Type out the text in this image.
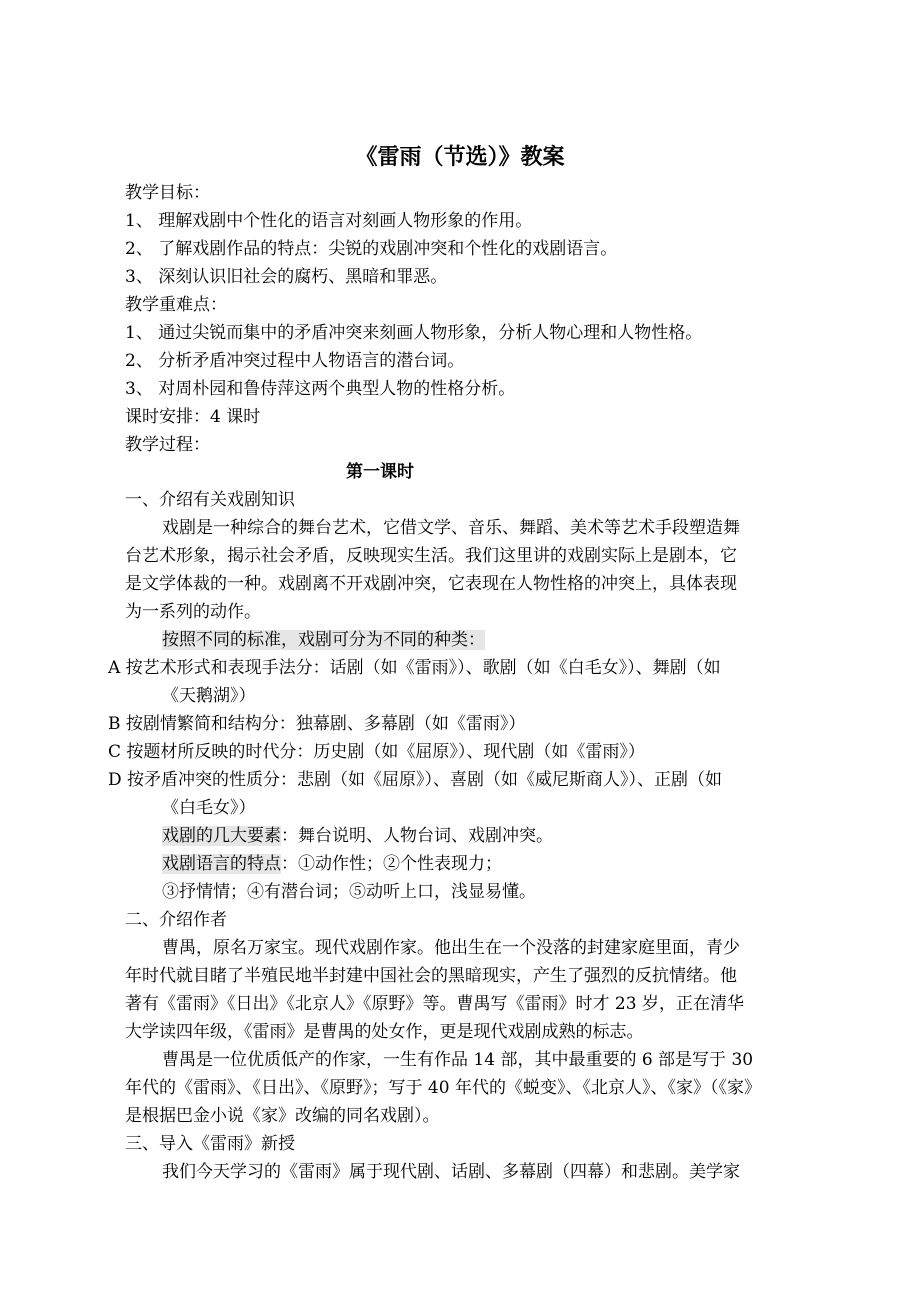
《雷雨（节选）》教案
教学目标：
1、 理解戏剧中个性化的语言对刻画人物形象的作用。
2、 了解戏剧作品的特点：尖锐的戏剧冲突和个性化的戏剧语言。
3、 深刻认识旧社会的腐朽、黑暗和罪恶。
教学重难点：
1、 通过尖锐而集中的矛盾冲突来刻画人物形象，分析人物心理和人物性格。
2、 分析矛盾冲突过程中人物语言的潜台词。
3、 对周朴园和鲁侍萍这两个典型人物的性格分析。
课时安排：4 课时
教学过程：
第一课时
一、介绍有关戏剧知识
戏剧是一种综合的舞台艺术，它借文学、音乐、舞蹈、美术等艺术手段塑造舞
台艺术形象，揭示社会矛盾，反映现实生活。我们这里讲的戏剧实际上是剧本，它
是文学体裁的一种。戏剧离不开戏剧冲突，它表现在人物性格的冲突上，具体表现
为一系列的动作。
按照不同的标准，戏剧可分为不同的种类：
A 按艺术形式和表现手法分：话剧（如《雷雨》）、歌剧（如《白毛女》）、舞剧（如
《天鹅湖》）
B 按剧情繁简和结构分：独幕剧、多幕剧（如《雷雨》）
C 按题材所反映的时代分：历史剧（如《屈原》）、现代剧（如《雷雨》）
D 按矛盾冲突的性质分：悲剧（如《屈原》）、喜剧（如《威尼斯商人》）、正剧（如
《白毛女》）
戏剧的几大要素：舞台说明、人物台词、戏剧冲突。
戏剧语言的特点：①动作性；②个性表现力；
③抒情情；④有潜台词；⑤动听上口，浅显易懂。
二、介绍作者
曹禺，原名万家宝。现代戏剧作家。他出生在一个没落的封建家庭里面，青少
年时代就目睹了半殖民地半封建中国社会的黑暗现实，产生了强烈的反抗情绪。他
著有《雷雨》《日出》《北京人》《原野》等。曹禺写《雷雨》时才 23 岁，正在清华
大学读四年级，《雷雨》是曹禺的处女作，更是现代戏剧成熟的标志。
曹禺是一位优质低产的作家，一生有作品 14 部，其中最重要的 6 部是写于 30
年代的《雷雨》、《日出》、《原野》；写于 40 年代的《蜕变》、《北京人》、《家》（《家》
是根据巴金小说《家》改编的同名戏剧）。
三、导入《雷雨》新授
我们今天学习的《雷雨》属于现代剧、话剧、多幕剧（四幕）和悲剧。美学家
